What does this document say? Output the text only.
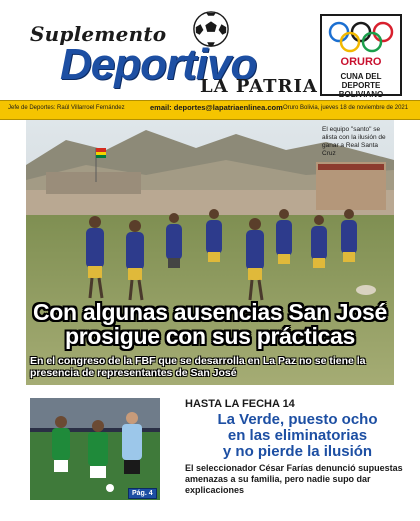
Suplemento
Deportivo
LA PATRIA
ORURO
CUNA DEL DEPORTE
BOLIVIANO
Jefe de Deportes: Raúl Villarroel Fernández	email: deportes@lapatriaenlinea.com Oruro Bolivia, jueves 18 de noviembre de 2021
El equipo "santo" se alista con la ilusión de ganar a Real Santa Cruz
Con algunas ausencias San José
prosigue con sus prácticas
En el congreso de la FBF que se desarrolla en La Paz no se tiene la presencia de representantes de San José
Pág. 4
HASTA LA FECHA 14
La Verde, puesto ocho
en las eliminatorias
y no pierde la ilusión
El seleccionador César Farías denunció supuestas amenazas a su familia, pero nadie supo dar explicaciones
